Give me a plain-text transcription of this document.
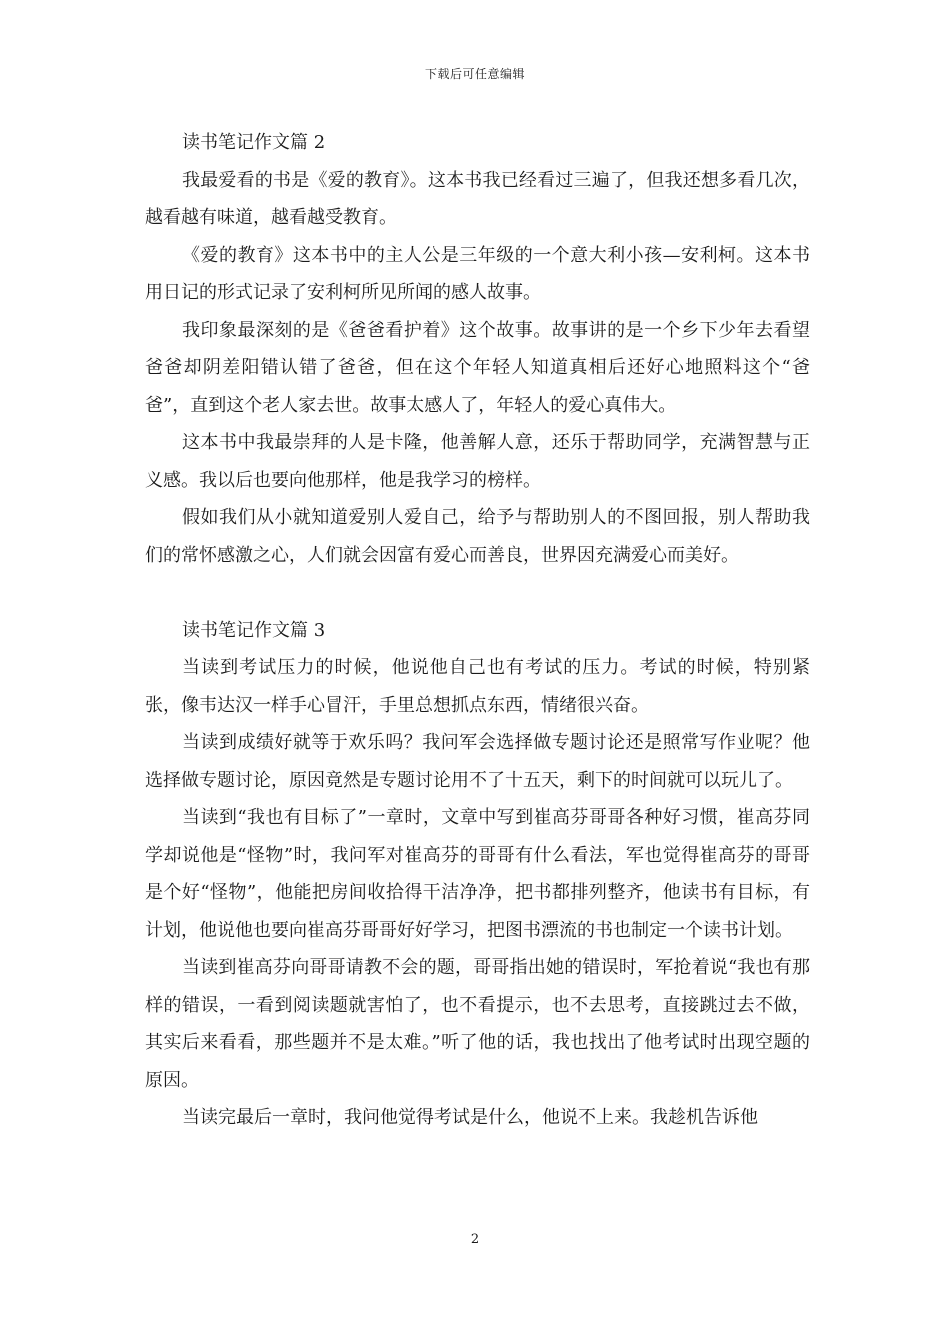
下载后可任意编辑
读书笔记作文篇 2

我最爱看的书是《爱的教育》。这本书我已经看过三遍了，但我还想多看几次，越看越有味道，越看越受教育。

《爱的教育》这本书中的主人公是三年级的一个意大利小孩—安利柯。这本书用日记的形式记录了安利柯所见所闻的感人故事。

我印象最深刻的是《爸爸看护着》这个故事。故事讲的是一个乡下少年去看望爸爸却阴差阳错认错了爸爸，但在这个年轻人知道真相后还好心地照料这个“爸爸”，直到这个老人家去世。故事太感人了，年轻人的爱心真伟大。

这本书中我最崇拜的人是卡隆，他善解人意，还乐于帮助同学，充满智慧与正义感。我以后也要向他那样，他是我学习的榜样。

假如我们从小就知道爱别人爱自己，给予与帮助别人的不图回报，别人帮助我们的常怀感激之心，人们就会因富有爱心而善良，世界因充满爱心而美好。

读书笔记作文篇 3

当读到考试压力的时候，他说他自己也有考试的压力。考试的时候，特别紧张，像韦达汉一样手心冒汗，手里总想抓点东西，情绪很兴奋。

当读到成绩好就等于欢乐吗？我问军会选择做专题讨论还是照常写作业呢？他选择做专题讨论，原因竟然是专题讨论用不了十五天，剩下的时间就可以玩儿了。

当读到“我也有目标了”一章时，文章中写到崔高芬哥哥各种好习惯，崔高芬同学却说他是“怪物”时，我问军对崔高芬的哥哥有什么看法，军也觉得崔高芬的哥哥是个好“怪物”，他能把房间收拾得干洁净净，把书都排列整齐，他读书有目标，有计划，他说他也要向崔高芬哥哥好好学习，把图书漂流的书也制定一个读书计划。

当读到崔高芬向哥哥请教不会的题，哥哥指出她的错误时，军抢着说“我也有那样的错误，一看到阅读题就害怕了，也不看提示，也不去思考，直接跳过去不做，其实后来看看，那些题并不是太难。”听了他的话，我也找出了他考试时出现空题的原因。

当读完最后一章时，我问他觉得考试是什么，他说不上来。我趁机告诉他

2
